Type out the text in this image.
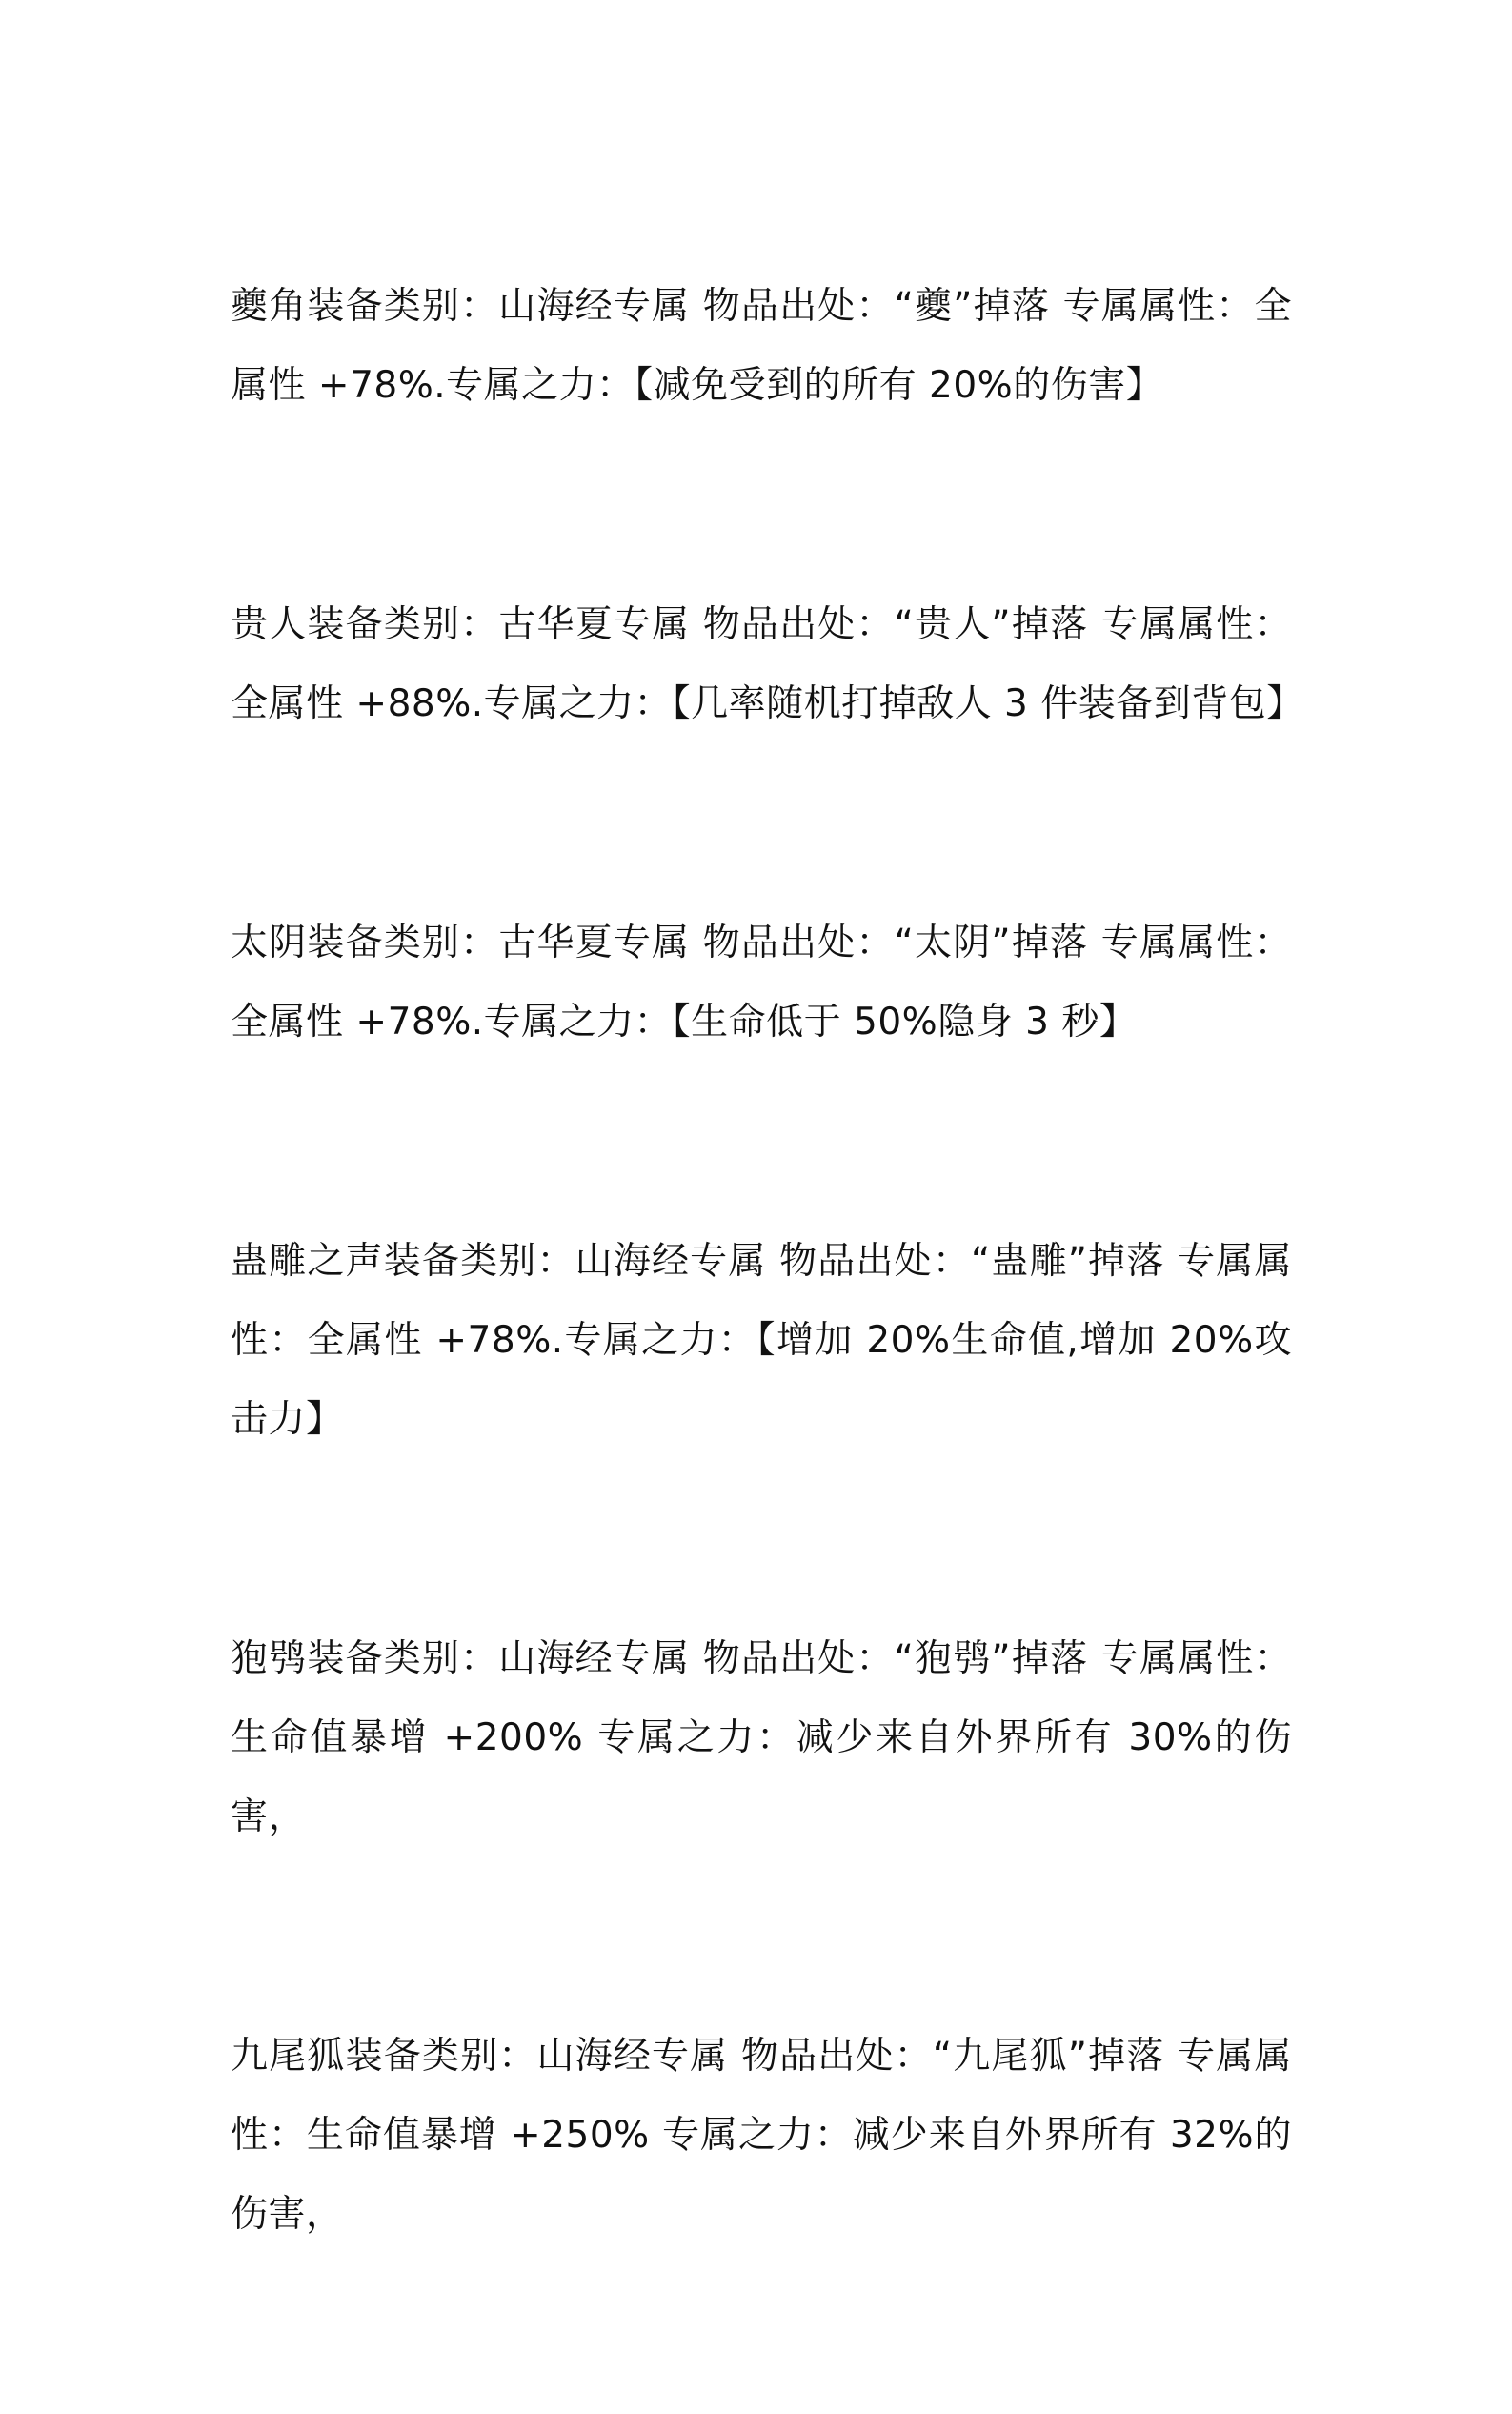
夔角装备类别：山海经专属 物品出处：“夔”掉落 专属属性：全属性 +78%.专属之力：【减免受到的所有 20%的伤害】

贵人装备类别：古华夏专属 物品出处：“贵人”掉落 专属属性：全属性 +88%.专属之力：【几率随机打掉敌人 3 件装备到背包】

太阴装备类别：古华夏专属 物品出处：“太阴”掉落 专属属性：全属性 +78%.专属之力：【生命低于 50%隐身 3 秒】

蛊雕之声装备类别：山海经专属 物品出处：“蛊雕”掉落 专属属性：全属性 +78%.专属之力：【增加 20%生命值,增加 20%攻击力】

狍鸮装备类别：山海经专属 物品出处：“狍鸮”掉落 专属属性：生命值暴增 +200% 专属之力：减少来自外界所有 30%的伤害，

九尾狐装备类别：山海经专属 物品出处：“九尾狐”掉落 专属属性：生命值暴增 +250% 专属之力：减少来自外界所有 32%的伤害，
